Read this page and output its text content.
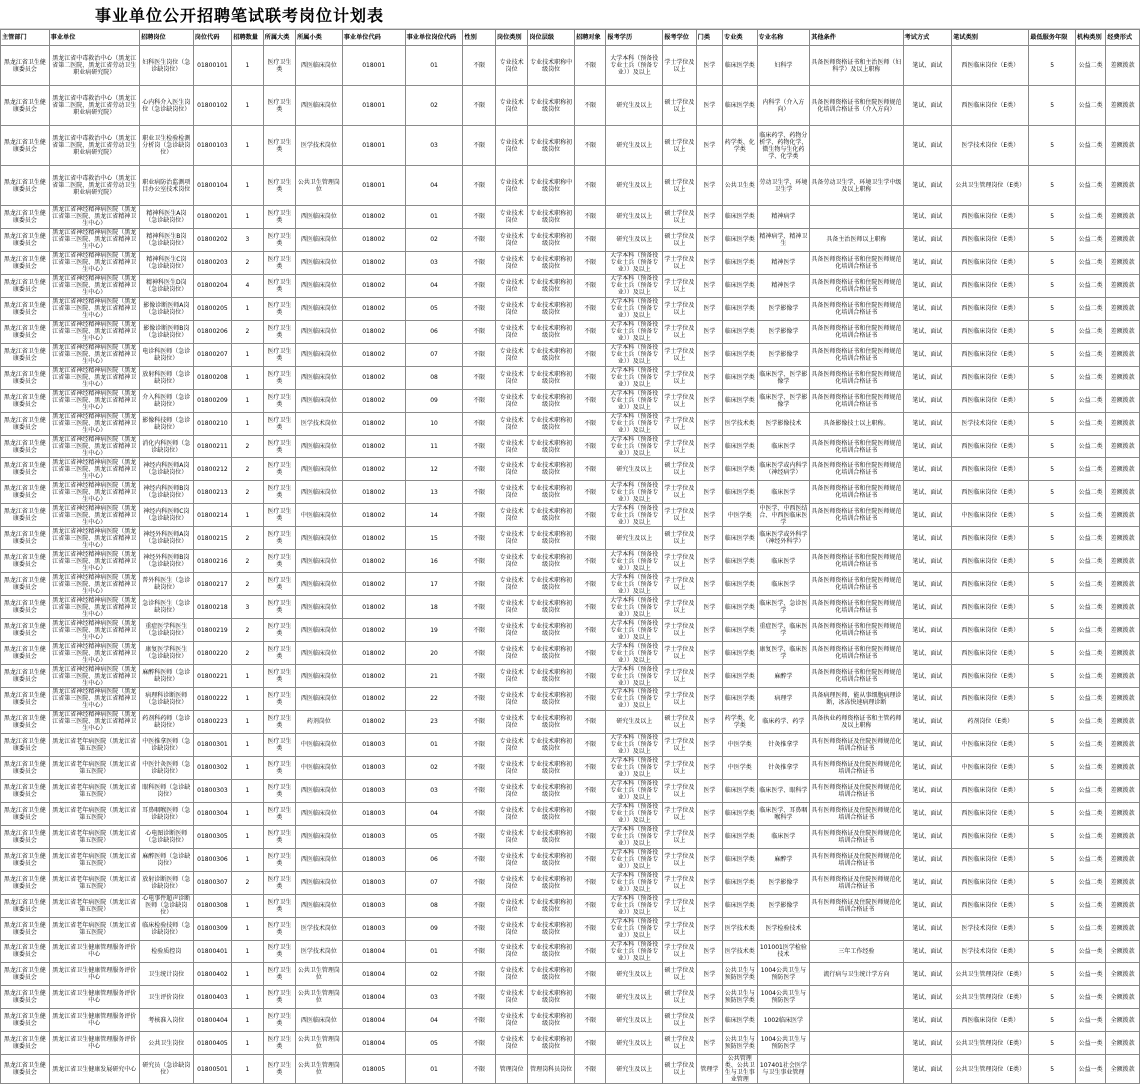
事业单位公开招聘笔试联考岗位计划表
主管部门	事业单位	招聘岗位	岗位代码	招聘数量	所属大类	所属小类	事业单位代码	事业单位岗位代码	性别	岗位类别	岗位层级	招聘对象	报考学历	报考学位	门类	专业类	专业名称	其他条件	考试方式	笔试类别	最低服务年限	机构类别	经费形式
黑龙江省卫生健康委员会	黑龙江省中毒救治中心（黑龙江省第二医院、黑龙江省劳动卫生职业病研究院）	妇科医生岗位（急诊缺岗位）	01800101	1	医疗卫生类	西医临床岗位	018001	01	不限	专业技术岗位	专业技术职称中级岗位	不限	大学本科（预备役专业士兵（预备专业））及以上	学士学位及以上	医学	临床医学类	妇科学	具备医师资格证书和主治医师（妇科学）及以上职称	笔试、面试	西医临床岗位（E类）	5	公益二类	差额拨款
黑龙江省卫生健康委员会	黑龙江省中毒救治中心（黑龙江省第二医院、黑龙江省劳动卫生职业病研究院）	心内科介入医生岗位（急诊缺岗位）	01800102	1	医疗卫生类	西医临床岗位	018001	02	不限	专业技术岗位	专业技术职称初级岗位	不限	研究生及以上	硕士学位及以上	医学	临床医学类	内科学（介入方向）	具备医师资格证书和住院医师规范化培训合格证书（介入方向）	笔试、面试	西医临床岗位（E类）	5	公益二类	差额拨款
黑龙江省卫生健康委员会	黑龙江省中毒救治中心（黑龙江省第二医院、黑龙江省劳动卫生职业病研究院）	职业卫生检验检测分析岗（急诊缺岗位）	01800103	1	医疗卫生类	医学技术岗位	018001	03	不限	专业技术岗位	专业技术职称初级岗位	不限	研究生及以上	硕士学位及以上	医学	药学类、化学类	临床药学、药物分析学、药物化学、微生物与生化药学、化学类		笔试、面试	医学技术岗位（E类）	5	公益二类	差额拨款
黑龙江省卫生健康委员会	黑龙江省中毒救治中心（黑龙江省第二医院、黑龙江省劳动卫生职业病研究院）	职业病防治监测项目办公室技术岗位	01800104	1	医疗卫生类	公共卫生管理岗位	018001	04	不限	专业技术岗位	专业技术职称中级岗位	不限	研究生及以上	硕士学位及以上	医学	公共卫生类	劳动卫生学、环境卫生学	具备劳动卫生学、环境卫生学中级及以上职称	笔试、面试	公共卫生管理岗位（E类）	5	公益二类	差额拨款
黑龙江省卫生健康委员会	黑龙江省神经精神病医院（黑龙江省第三医院、黑龙江省精神卫生中心）	精神科医生A岗（急诊缺岗位）	01800201	1	医疗卫生类	西医临床岗位	018002	01	不限	专业技术岗位	专业技术职称初级岗位	不限	研究生及以上	硕士学位及以上	医学	临床医学类	精神病学		笔试、面试	西医临床岗位（E类）	5	公益二类	差额拨款
黑龙江省卫生健康委员会	黑龙江省神经精神病医院（黑龙江省第三医院、黑龙江省精神卫生中心）	精神科医生B岗（急诊缺岗位）	01800202	3	医疗卫生类	西医临床岗位	018002	02	不限	专业技术岗位	专业技术职称初级岗位	不限	研究生及以上	硕士学位及以上	医学	临床医学类	精神病学、精神卫生	具备主治医师以上职称	笔试、面试	西医临床岗位（E类）	5	公益二类	差额拨款
黑龙江省卫生健康委员会	黑龙江省神经精神病医院（黑龙江省第三医院、黑龙江省精神卫生中心）	精神科医生C岗（急诊缺岗位）	01800203	2	医疗卫生类	西医临床岗位	018002	03	不限	专业技术岗位	专业技术职称初级岗位	不限	大学本科（预备役专业士兵（预备专业））及以上	学士学位及以上	医学	临床医学类	精神医学	具备医师资格证书和住院医师规范化培训合格证书	笔试、面试	西医临床岗位（E类）	5	公益二类	差额拨款
黑龙江省卫生健康委员会	黑龙江省神经精神病医院（黑龙江省第三医院、黑龙江省精神卫生中心）	精神科医生D岗（急诊缺岗位）	01800204	4	医疗卫生类	西医临床岗位	018002	04	不限	专业技术岗位	专业技术职称初级岗位	不限	大学本科（预备役专业士兵（预备专业））及以上	学士学位及以上	医学	临床医学类	精神医学	具备医师资格证书和住院医师规范化培训合格证书	笔试、面试	西医临床岗位（E类）	5	公益二类	差额拨款
黑龙江省卫生健康委员会	黑龙江省神经精神病医院（黑龙江省第三医院、黑龙江省精神卫生中心）	影像诊断医师A岗（急诊缺岗位）	01800205	1	医疗卫生类	西医临床岗位	018002	05	不限	专业技术岗位	专业技术职称初级岗位	不限	大学本科（预备役专业士兵（预备专业））及以上	学士学位及以上	医学	临床医学类	医学影像学	具备医师资格证书和住院医师规范化培训合格证书	笔试、面试	西医临床岗位（E类）	5	公益二类	差额拨款
黑龙江省卫生健康委员会	黑龙江省神经精神病医院（黑龙江省第三医院、黑龙江省精神卫生中心）	影像诊断医师B岗（急诊缺岗位）	01800206	2	医疗卫生类	西医临床岗位	018002	06	不限	专业技术岗位	专业技术职称初级岗位	不限	大学本科（预备役专业士兵（预备专业））及以上	学士学位及以上	医学	临床医学类	医学影像学	具备医师资格证书和住院医师规范化培训合格证书	笔试、面试	西医临床岗位（E类）	5	公益二类	差额拨款
黑龙江省卫生健康委员会	黑龙江省神经精神病医院（黑龙江省第三医院、黑龙江省精神卫生中心）	电诊科医师（急诊缺岗位）	01800207	1	医疗卫生类	西医临床岗位	018002	07	不限	专业技术岗位	专业技术职称初级岗位	不限	大学本科（预备役专业士兵（预备专业））及以上	学士学位及以上	医学	临床医学类	医学影像学	具备医师资格证书和住院医师规范化培训合格证书	笔试、面试	西医临床岗位（E类）	5	公益二类	差额拨款
黑龙江省卫生健康委员会	黑龙江省神经精神病医院（黑龙江省第三医院、黑龙江省精神卫生中心）	放射科医师（急诊缺岗位）	01800208	1	医疗卫生类	西医临床岗位	018002	08	不限	专业技术岗位	专业技术职称初级岗位	不限	大学本科（预备役专业士兵（预备专业））及以上	学士学位及以上	医学	临床医学类	临床医学、医学影像学	具备医师资格证书和住院医师规范化培训合格证书	笔试、面试	西医临床岗位（E类）	5	公益二类	差额拨款
黑龙江省卫生健康委员会	黑龙江省神经精神病医院（黑龙江省第三医院、黑龙江省精神卫生中心）	介入科医师（急诊缺岗位）	01800209	1	医疗卫生类	西医临床岗位	018002	09	不限	专业技术岗位	专业技术职称初级岗位	不限	大学本科（预备役专业士兵（预备专业））及以上	学士学位及以上	医学	临床医学类	临床医学、医学影像学	具备医师资格证书和住院医师规范化培训合格证书	笔试、面试	西医临床岗位（E类）	5	公益二类	差额拨款
黑龙江省卫生健康委员会	黑龙江省神经精神病医院（黑龙江省第三医院、黑龙江省精神卫生中心）	影像科技师（急诊缺岗位）	01800210	1	医疗卫生类	医学技术岗位	018002	10	不限	专业技术岗位	专业技术职称初级岗位	不限	大学本科（预备役专业士兵（预备专业））及以上	学士学位及以上	医学	医学技术类	医学影像技术	具备影像技士以上职称。	笔试、面试	医学技术岗位（E类）	5	公益二类	差额拨款
黑龙江省卫生健康委员会	黑龙江省神经精神病医院（黑龙江省第三医院、黑龙江省精神卫生中心）	消化内科医师（急诊缺岗位）	01800211	2	医疗卫生类	西医临床岗位	018002	11	不限	专业技术岗位	专业技术职称初级岗位	不限	大学本科（预备役专业士兵（预备专业））及以上	学士学位及以上	医学	临床医学类	临床医学	具备医师资格证书和住院医师规范化培训合格证书	笔试、面试	西医临床岗位（E类）	5	公益二类	差额拨款
黑龙江省卫生健康委员会	黑龙江省神经精神病医院（黑龙江省第三医院、黑龙江省精神卫生中心）	神经内科医师A岗（急诊缺岗位）	01800212	2	医疗卫生类	西医临床岗位	018002	12	不限	专业技术岗位	专业技术职称初级岗位	不限	研究生及以上	硕士学位及以上	医学	临床医学类	临床医学或内科学（神经病学）	具备医师资格证书和住院医师规范化培训合格证书	笔试、面试	西医临床岗位（E类）	5	公益二类	差额拨款
黑龙江省卫生健康委员会	黑龙江省神经精神病医院（黑龙江省第三医院、黑龙江省精神卫生中心）	神经内科医师B岗（急诊缺岗位）	01800213	2	医疗卫生类	西医临床岗位	018002	13	不限	专业技术岗位	专业技术职称初级岗位	不限	大学本科（预备役专业士兵（预备专业））及以上	学士学位及以上	医学	临床医学类	临床医学	具备医师资格证书和住院医师规范化培训合格证书	笔试、面试	西医临床岗位（E类）	5	公益二类	差额拨款
黑龙江省卫生健康委员会	黑龙江省神经精神病医院（黑龙江省第三医院、黑龙江省精神卫生中心）	神经内科医师C岗（急诊缺岗位）	01800214	1	医疗卫生类	中医临床岗位	018002	14	不限	专业技术岗位	专业技术职称初级岗位	不限	大学本科（预备役专业士兵（预备专业））及以上	学士学位及以上	医学	中医学类	中医学、中西医结合、中西医临床医学	具备医师资格证书和住院医师规范化培训合格证书	笔试、面试	中医临床岗位（E类）	5	公益二类	差额拨款
黑龙江省卫生健康委员会	黑龙江省神经精神病医院（黑龙江省第三医院、黑龙江省精神卫生中心）	神经外科医师A岗（急诊缺岗位）	01800215	2	医疗卫生类	西医临床岗位	018002	15	不限	专业技术岗位	专业技术职称初级岗位	不限	研究生及以上	硕士学位及以上	医学	临床医学类	临床医学或外科学（神经外科学）		笔试、面试	西医临床岗位（E类）	5	公益二类	差额拨款
黑龙江省卫生健康委员会	黑龙江省神经精神病医院（黑龙江省第三医院、黑龙江省精神卫生中心）	神经外科医师B岗（急诊缺岗位）	01800216	2	医疗卫生类	西医临床岗位	018002	16	不限	专业技术岗位	专业技术职称初级岗位	不限	大学本科（预备役专业士兵（预备专业））及以上	学士学位及以上	医学	临床医学类	临床医学	具备医师资格证书和住院医师规范化培训合格证书	笔试、面试	西医临床岗位（E类）	5	公益二类	差额拨款
黑龙江省卫生健康委员会	黑龙江省神经精神病医院（黑龙江省第三医院、黑龙江省精神卫生中心）	普外科医生（急诊缺岗位）	01800217	2	医疗卫生类	西医临床岗位	018002	17	不限	专业技术岗位	专业技术职称初级岗位	不限	大学本科（预备役专业士兵（预备专业））及以上	学士学位及以上	医学	临床医学类	临床医学	具备医师资格证书和住院医师规范化培训合格证书	笔试、面试	西医临床岗位（E类）	5	公益二类	差额拨款
黑龙江省卫生健康委员会	黑龙江省神经精神病医院（黑龙江省第三医院、黑龙江省精神卫生中心）	急诊科医生（急诊缺岗位）	01800218	3	医疗卫生类	西医临床岗位	018002	18	不限	专业技术岗位	专业技术职称初级岗位	不限	大学本科（预备役专业士兵（预备专业））及以上	学士学位及以上	医学	临床医学类	临床医学、急诊医学	具备医师资格证书和住院医师规范化培训合格证书	笔试、面试	西医临床岗位（E类）	5	公益二类	差额拨款
黑龙江省卫生健康委员会	黑龙江省神经精神病医院（黑龙江省第三医院、黑龙江省精神卫生中心）	重症医学科医生（急诊缺岗位）	01800219	2	医疗卫生类	西医临床岗位	018002	19	不限	专业技术岗位	专业技术职称初级岗位	不限	大学本科（预备役专业士兵（预备专业））及以上	学士学位及以上	医学	临床医学类	重症医学、临床医学	具备医师资格证书和住院医师规范化培训合格证书	笔试、面试	西医临床岗位（E类）	5	公益二类	差额拨款
黑龙江省卫生健康委员会	黑龙江省神经精神病医院（黑龙江省第三医院、黑龙江省精神卫生中心）	康复医学科医生（急诊缺岗位）	01800220	2	医疗卫生类	西医临床岗位	018002	20	不限	专业技术岗位	专业技术职称初级岗位	不限	大学本科（预备役专业士兵（预备专业））及以上	学士学位及以上	医学	临床医学类	康复医学、临床医学	具备医师资格证书和住院医师规范化培训合格证书	笔试、面试	西医临床岗位（E类）	5	公益二类	差额拨款
黑龙江省卫生健康委员会	黑龙江省神经精神病医院（黑龙江省第三医院、黑龙江省精神卫生中心）	麻醉科医师（急诊缺岗位）	01800221	1	医疗卫生类	西医临床岗位	018002	21	不限	专业技术岗位	专业技术职称初级岗位	不限	大学本科（预备役专业士兵（预备专业））及以上	学士学位及以上	医学	临床医学类	麻醉学	具备医师资格证书和住院医师规范化培训合格证书	笔试、面试	西医临床岗位（E类）	5	公益二类	差额拨款
黑龙江省卫生健康委员会	黑龙江省神经精神病医院（黑龙江省第三医院、黑龙江省精神卫生中心）	病理科诊断医师（急诊缺岗位）	01800222	1	医疗卫生类	西医临床岗位	018002	22	不限	专业技术岗位	专业技术职称初级岗位	不限	大学本科（预备役专业士兵（预备专业））及以上	学士学位及以上	医学	临床医学类	病理学	具备病理医师，能从事细胞病理诊断，冰冻快速病理诊断	笔试、面试	西医临床岗位（E类）	5	公益二类	差额拨款
黑龙江省卫生健康委员会	黑龙江省神经精神病医院（黑龙江省第三医院、黑龙江省精神卫生中心）	药剂科药师（急诊缺岗位）	01800223	1	医疗卫生类	药剂岗位	018002	23	不限	专业技术岗位	专业技术职称初级岗位	不限	研究生及以上	硕士学位及以上	医学	药学类、化学类	临床药学、药学	具备执业药师资格证书和主管药师及以上职称	笔试、面试	药剂岗位（E类）	5	公益二类	差额拨款
黑龙江省卫生健康委员会	黑龙江省老年病医院（黑龙江省第五医院）	中医推拿医师（急诊缺岗位）	01800301	1	医疗卫生类	中医临床岗位	018003	01	不限	专业技术岗位	专业技术职称初级岗位	不限	大学本科（预备役专业士兵（预备专业））及以上	学士学位及以上	医学	中医学类	针灸推拿学	具有医师资格证及住院医师规范化培训合格证书	笔试、面试	中医临床岗位（E类）	5	公益二类	差额拨款
黑龙江省卫生健康委员会	黑龙江省老年病医院（黑龙江省第五医院）	中医针灸医师（急诊缺岗位）	01800302	1	医疗卫生类	中医临床岗位	018003	02	不限	专业技术岗位	专业技术职称初级岗位	不限	大学本科（预备役专业士兵（预备专业））及以上	学士学位及以上	医学	中医学类	针灸推拿学	具有医师资格证及住院医师规范化培训合格证书	笔试、面试	中医临床岗位（E类）	5	公益二类	差额拨款
黑龙江省卫生健康委员会	黑龙江省老年病医院（黑龙江省第五医院）	眼科医师（急诊缺岗位）	01800303	1	医疗卫生类	西医临床岗位	018003	03	不限	专业技术岗位	专业技术职称初级岗位	不限	大学本科（预备役专业士兵（预备专业））及以上	学士学位及以上	医学	临床医学类	临床医学、眼科学	具有医师资格证及住院医师规范化培训合格证书	笔试、面试	西医临床岗位（E类）	5	公益二类	差额拨款
黑龙江省卫生健康委员会	黑龙江省老年病医院（黑龙江省第五医院）	耳鼻咽喉医师（急诊缺岗位）	01800304	1	医疗卫生类	西医临床岗位	018003	04	不限	专业技术岗位	专业技术职称初级岗位	不限	大学本科（预备役专业士兵（预备专业））及以上	学士学位及以上	医学	临床医学类	临床医学、耳鼻咽喉科学	具有医师资格证及住院医师规范化培训合格证书	笔试、面试	西医临床岗位（E类）	5	公益二类	差额拨款
黑龙江省卫生健康委员会	黑龙江省老年病医院（黑龙江省第五医院）	心电图诊断医师（急诊缺岗位）	01800305	1	医疗卫生类	西医临床岗位	018003	05	不限	专业技术岗位	专业技术职称初级岗位	不限	大学本科（预备役专业士兵（预备专业））及以上	学士学位及以上	医学	临床医学类	临床医学	具有医师资格证及住院医师规范化培训合格证书	笔试、面试	西医临床岗位（E类）	5	公益二类	差额拨款
黑龙江省卫生健康委员会	黑龙江省老年病医院（黑龙江省第五医院）	麻醉医师（急诊缺岗位）	01800306	1	医疗卫生类	西医临床岗位	018003	06	不限	专业技术岗位	专业技术职称初级岗位	不限	大学本科（预备役专业士兵（预备专业））及以上	学士学位及以上	医学	临床医学类	麻醉学	具有医师资格证及住院医师规范化培训合格证书	笔试、面试	西医临床岗位（E类）	5	公益二类	差额拨款
黑龙江省卫生健康委员会	黑龙江省老年病医院（黑龙江省第五医院）	放射诊断医师（急诊缺岗位）	01800307	2	医疗卫生类	西医临床岗位	018003	07	不限	专业技术岗位	专业技术职称初级岗位	不限	大学本科（预备役专业士兵（预备专业））及以上	学士学位及以上	医学	临床医学类	医学影像学	具有医师资格证及住院医师规范化培训合格证书	笔试、面试	西医临床岗位（E类）	5	公益二类	差额拨款
黑龙江省卫生健康委员会	黑龙江省老年病医院（黑龙江省第五医院）	心电事件超声诊断医师（急诊缺岗位）	01800308	1	医疗卫生类	西医临床岗位	018003	08	不限	专业技术岗位	专业技术职称初级岗位	不限	大学本科（预备役专业士兵（预备专业））及以上	学士学位及以上	医学	临床医学类	医学影像学	具有医师资格证及住院医师规范化培训合格证书	笔试、面试	西医临床岗位（E类）	5	公益二类	差额拨款
黑龙江省卫生健康委员会	黑龙江省老年病医院（黑龙江省第五医院）	临床检验技师（急诊缺岗位）	01800309	1	医疗卫生类	医学技术岗位	018003	09	不限	专业技术岗位	专业技术职称初级岗位	不限	大学本科（预备役专业士兵（预备专业））及以上	学士学位及以上	医学	医学技术类	医学检验技术		笔试、面试	医学技术岗位（E类）	5	公益二类	差额拨款
黑龙江省卫生健康委员会	黑龙江省卫生健康管理服务评价中心	检验质控岗	01800401	1	医疗卫生类	医学技术岗位	018004	01	不限	专业技术岗位	专业技术职称初级岗位	不限	大学本科（预备役专业士兵（预备专业））及以上	学士学位及以上	医学	医学技术类	101001医学检验技术	三年工作经验	笔试、面试	医学技术岗位（E类）	5	公益一类	全额拨款
黑龙江省卫生健康委员会	黑龙江省卫生健康管理服务评价中心	卫生统计岗位	01800402	1	医疗卫生类	公共卫生管理岗位	018004	02	不限	专业技术岗位	专业技术职称初级岗位	不限	研究生及以上	硕士学位及以上	医学	公共卫生与预防医学类	1004公共卫生与预防医学	流行病与卫生统计学方向	笔试、面试	公共卫生管理岗位（E类）	5	公益一类	全额拨款
黑龙江省卫生健康委员会	黑龙江省卫生健康管理服务评价中心	卫生评价岗位	01800403	1	医疗卫生类	公共卫生管理岗位	018004	03	不限	专业技术岗位	专业技术职称初级岗位	不限	研究生及以上	硕士学位及以上	医学	公共卫生与预防医学类	1004公共卫生与预防医学		笔试、面试	公共卫生管理岗位（E类）	5	公益一类	全额拨款
黑龙江省卫生健康委员会	黑龙江省卫生健康管理服务评价中心	考核准入岗位	01800404	1	医疗卫生类	西医临床岗位	018004	04	不限	专业技术岗位	专业技术职称初级岗位	不限	研究生及以上	硕士学位及以上	医学	临床医学类	1002临床医学		笔试、面试	西医临床岗位（E类）	5	公益一类	全额拨款
黑龙江省卫生健康委员会	黑龙江省卫生健康管理服务评价中心	公共卫生岗位	01800405	1	医疗卫生类	公共卫生管理岗位	018004	05	不限	专业技术岗位	专业技术职称初级岗位	不限	研究生及以上	硕士学位及以上	医学	公共卫生与预防医学类	1004公共卫生与预防医学		笔试、面试	公共卫生管理岗位（E类）	5	公益一类	全额拨款
黑龙江省卫生健康委员会	黑龙江省卫生健康发展研究中心	研究员（急诊缺岗位）	01800501	1	医疗卫生类	公共卫生管理岗位	018005	01	不限	管理岗位	管理岗科员岗位	不限	研究生及以上	硕士学位及以上	管理学	公共管理类、公共卫生与卫生事业管理	107401社会医学与卫生事业管理		笔试、面试	公共卫生管理岗位（E类）	5	公益一类	全额拨款
